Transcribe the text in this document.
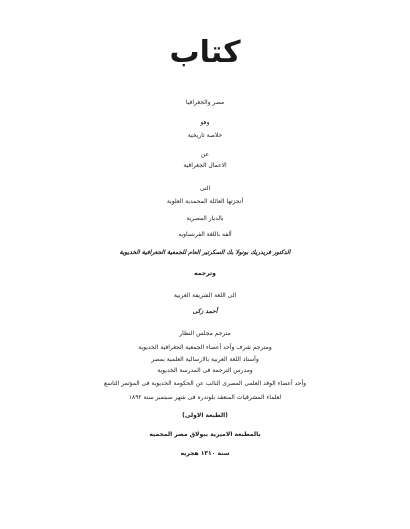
كتاب
مصر والجغرافيا
وهو
خلاصة تاريخية
عن
الاعمال الجغرافية
التى
أنجزتها العائلة المحمدية العلوية
بالديار المصرية
ألفه باللغة الفرنساويه
الدكتور فريدريك بونولا بك السكرتير العام للجمعية الجغرافية الخديوية
وترجمه
الى اللغة الشريفة العربية
أحمد زكى
مترجم مجلس النظار
ومترجم شرف وأحد أعضاء الجمعية الجغرافية الخديوية
وأستاذ اللغة العربية بالارسالية العلمية بمصر
ومدرس الترجمة فى المدرسة الخديوية
وأحد أعضاء الوفد العلمى المصرى النائب عن الحكومة الخديوية فى المؤتمر التاسع
لعلماء المشرقيات المنعقد بلوندره فى شهر سبتمبر سنة ١٨٩٢
(الطبعة الاولى)
بالمطبعة الاميرية ببولاق مصر المحميه
سنة ١٣١٠ هجريه
